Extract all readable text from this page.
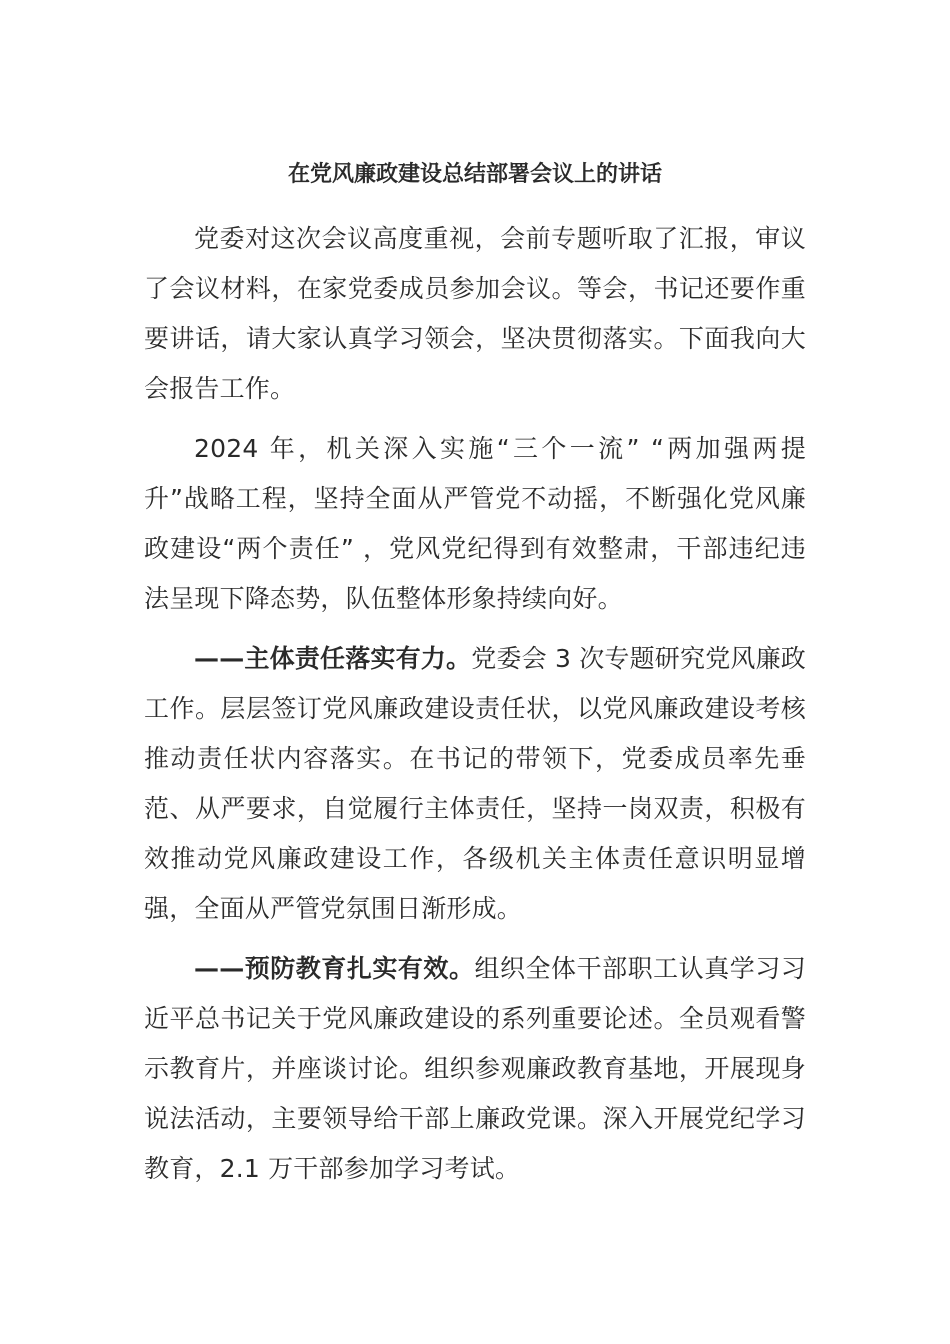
在党风廉政建设总结部署会议上的讲话

党委对这次会议高度重视，会前专题听取了汇报，审议了会议材料，在家党委成员参加会议。等会，书记还要作重要讲话，请大家认真学习领会，坚决贯彻落实。下面我向大会报告工作。

2024 年，机关深入实施“三个一流” “两加强两提升”战略工程，坚持全面从严管党不动摇，不断强化党风廉政建设“两个责任” ，党风党纪得到有效整肃，干部违纪违法呈现下降态势，队伍整体形象持续向好。

——主体责任落实有力。党委会 3 次专题研究党风廉政工作。层层签订党风廉政建设责任状，以党风廉政建设考核推动责任状内容落实。在书记的带领下，党委成员率先垂范、从严要求，自觉履行主体责任，坚持一岗双责，积极有效推动党风廉政建设工作，各级机关主体责任意识明显增强，全面从严管党氛围日渐形成。

——预防教育扎实有效。组织全体干部职工认真学习习近平总书记关于党风廉政建设的系列重要论述。全员观看警示教育片，并座谈讨论。组织参观廉政教育基地，开展现身说法活动，主要领导给干部上廉政党课。深入开展党纪学习教育，2.1 万干部参加学习考试。
